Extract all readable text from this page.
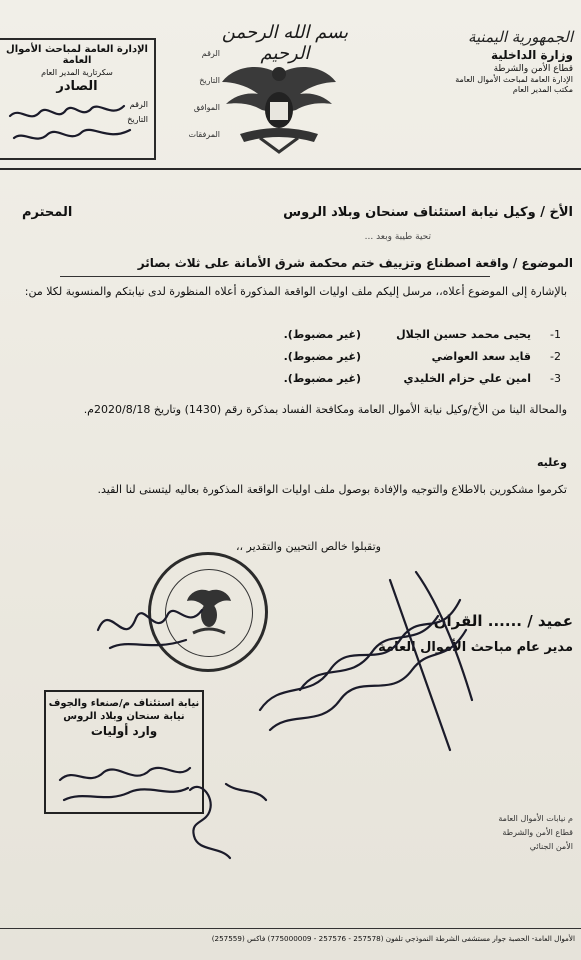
الجمهورية اليمنية
وزارة الداخلية
قطاع الأمن والشرطة
الإدارة العامة لمباحث الأموال العامة
مكتب المدير العام
بسم الله الرحمن الرحيم
الرقم
التاريخ
الموافق
المرفقات
الإدارة العامة لمباحث الأموال العامة
سكرتارية المدير العام
الصادر
الرقم
التاريخ
الأخ / وكيل نيابة استئناف سنحان وبلاد الروس
المحترم
تحية طيبة وبعد ...
الموضوع / واقعة اصطناع وتزييف ختم محكمة شرق الأمانة على ثلاث بصائر
بالإشارة إلى الموضوع أعلاه،، مرسل إليكم ملف اوليات الواقعة المذكورة أعلاه المنظورة لدى نيابتكم والمنسوبة لكلا من:
1-
يحيى محمد حسين الجلال
(غير مضبوط).
2-
قايد سعد العواضي
(غير مضبوط).
3-
امين علي حزام الخليدي
(غير مضبوط).
والمحالة الينا من الأخ/وكيل نيابة الأموال العامة ومكافحة الفساد بمذكرة رقم (1430) وتاريخ 2020/8/18م.
وعليه
تكرموا مشكورين بالاطلاع والتوجيه والإفادة بوصول ملف اوليات الواقعة المذكورة بعاليه ليتسنى لنا القيد.
وتقبلوا خالص التحيين والتقدير ،،
عميد / ...... القران
مدير عام مباحث الأموال العامة
نيابة استئناف م/صنعاء والجوف
نيابة سنحان وبلاد الروس
وارد أوليات
م نيابات الأموال العامة
قطاع الأمن والشرطة
الأمن الجنائي
الأموال العامة- الحصبة جوار مستشفى الشرطة النموذجي تلفون (257578 - 257576 - 775000009) فاكس (257559)
